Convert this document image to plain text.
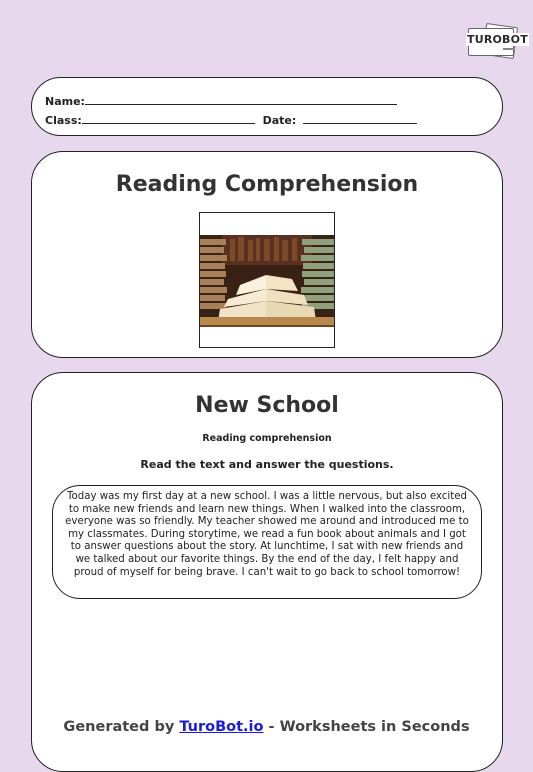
TUROBOT
Name:
Class:	Date:
Reading Comprehension
New School
Reading comprehension
Read the text and answer the questions.
Today was my first day at a new school. I was a little nervous, but also excited to make new friends and learn new things. When I walked into the classroom, everyone was so friendly. My teacher showed me around and introduced me to my classmates. During storytime, we read a fun book about animals and I got to answer questions about the story. At lunchtime, I sat with new friends and we talked about our favorite things. By the end of the day, I felt happy and proud of myself for being brave. I can't wait to go back to school tomorrow!
Generated by TuroBot.io - Worksheets in Seconds
